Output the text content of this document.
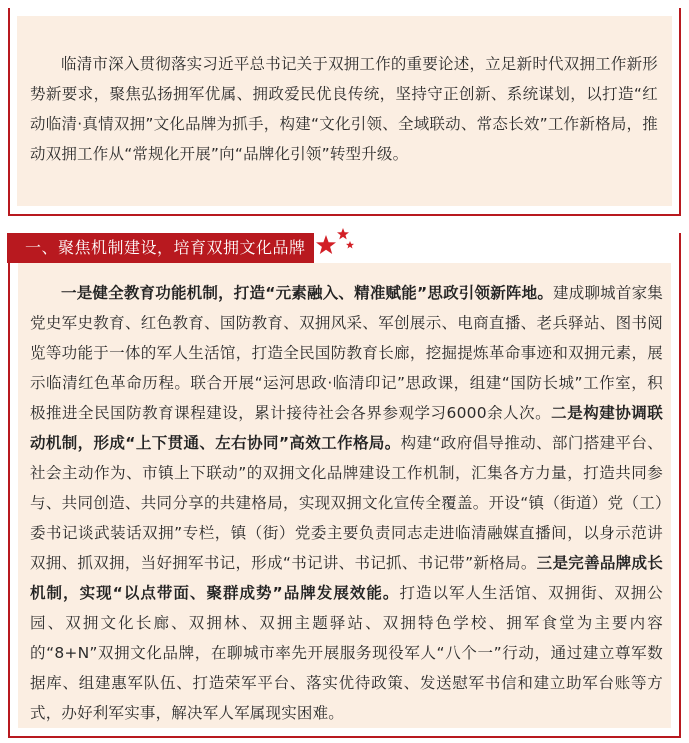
临清市深入贯彻落实习近平总书记关于双拥工作的重要论述，立足新时代双拥工作新形势新要求，聚焦弘扬拥军优属、拥政爱民优良传统，坚持守正创新、系统谋划，以打造“红动临清·真情双拥”文化品牌为抓手，构建“文化引领、全域联动、常态长效”工作新格局，推动双拥工作从“常规化开展”向“品牌化引领”转型升级。

一是健全教育功能机制，打造“元素融入、精准赋能”思政引领新阵地。建成聊城首家集党史军史教育、红色教育、国防教育、双拥风采、军创展示、电商直播、老兵驿站、图书阅览等功能于一体的军人生活馆，打造全民国防教育长廊，挖掘提炼革命事迹和双拥元素，展示临清红色革命历程。联合开展“运河思政·临清印记”思政课，组建“国防长城”工作室，积极推进全民国防教育课程建设，累计接待社会各界参观学习6000余人次。二是构建协调联动机制，形成“上下贯通、左右协同”高效工作格局。构建“政府倡导推动、部门搭建平台、社会主动作为、市镇上下联动”的双拥文化品牌建设工作机制，汇集各方力量，打造共同参与、共同创造、共同分享的共建格局，实现双拥文化宣传全覆盖。开设“镇（街道）党（工）委书记谈武装话双拥”专栏，镇（街）党委主要负责同志走进临清融媒直播间，以身示范讲双拥、抓双拥，当好拥军书记，形成“书记讲、书记抓、书记带”新格局。三是完善品牌成长机制，实现“以点带面、聚群成势”品牌发展效能。打造以军人生活馆、双拥街、双拥公园、双拥文化长廊、双拥林、双拥主题驿站、双拥特色学校、拥军食堂为主要内容的“8+N”双拥文化品牌，在聊城市率先开展服务现役军人“八个一”行动，通过建立尊军数据库、组建惠军队伍、打造荣军平台、落实优待政策、发送慰军书信和建立助军台账等方式，办好利军实事，解决军人军属现实困难。

一、聚焦机制建设，培育双拥文化品牌
